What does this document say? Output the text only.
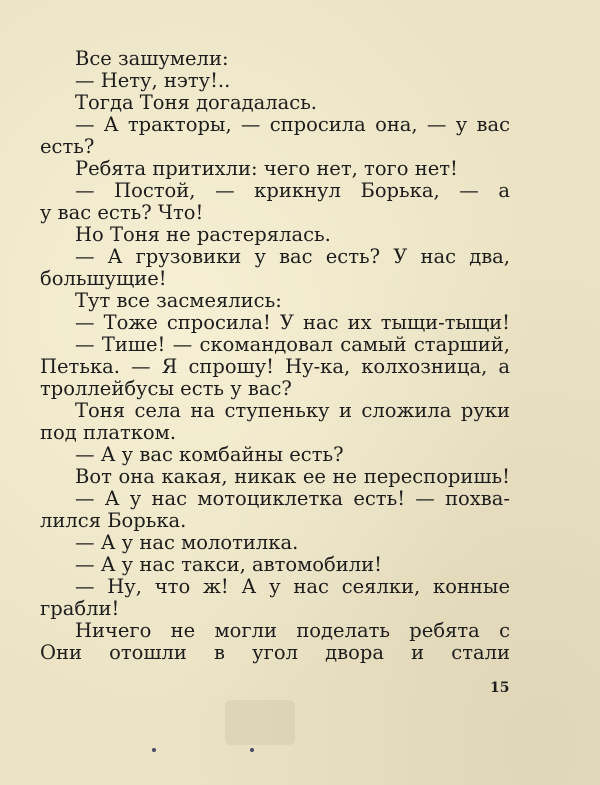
Все зашумели:
— Нету, нэту!..
Тогда Тоня догадалась.
— А тракторы, — спросила она, — у вас
есть?
Ребята притихли: чего нет, того нет!
— Постой, — крикнул Борька, — а
у вас есть? Что!
Но Тоня не растерялась.
— А грузовики у вас есть? У нас два,
большущие!
Тут все засмеялись:
— Тоже спросила! У нас их тыщи-тыщи!
— Тише! — скомандовал самый старший,
Петька. — Я спрошу! Ну-ка, колхозница, а
троллейбусы есть у вас?
Тоня села на ступеньку и сложила руки
под платком.
— А у вас комбайны есть?
Вот она какая, никак ее не переспоришь!
— А у нас мотоциклетка есть! — похва-
лился Борька.
— А у нас молотилка.
— А у нас такси, автомобили!
— Ну, что ж! А у нас сеялки, конные
грабли!
Ничего не могли поделать ребята с
Они отошли в угол двора и стали
15
